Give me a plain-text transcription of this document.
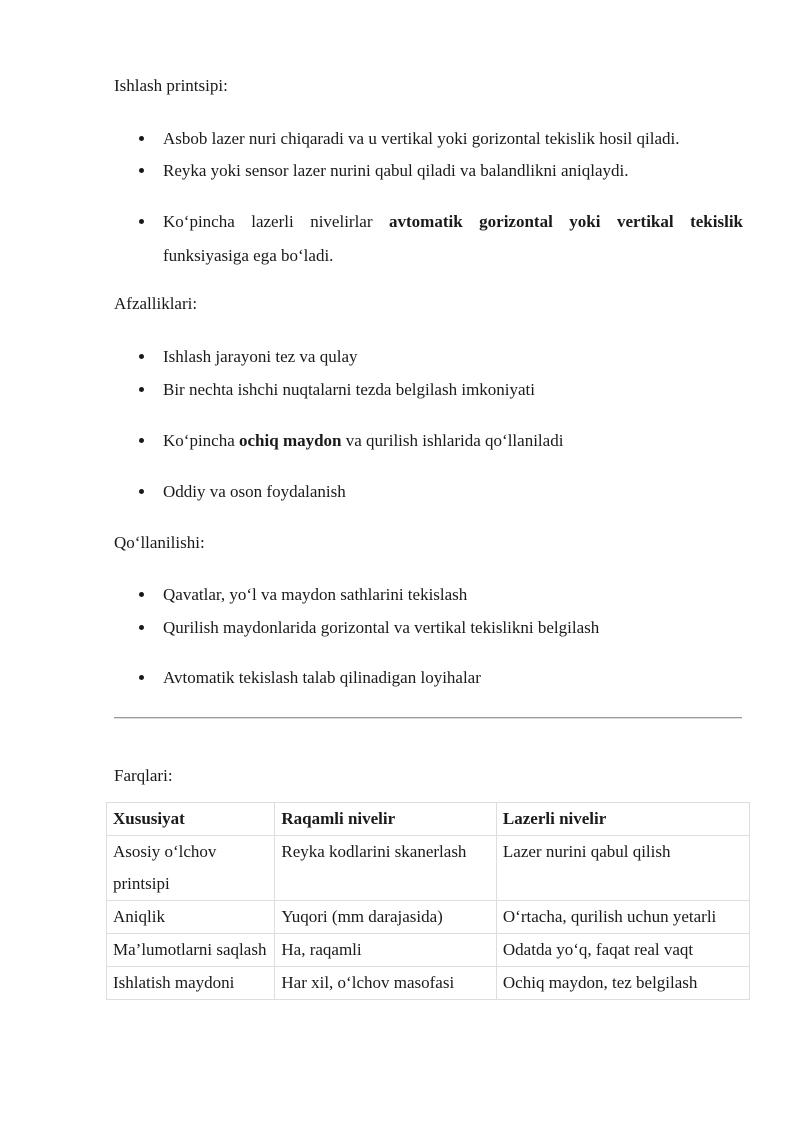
Ishlash printsipi:
Asbob lazer nuri chiqaradi va u vertikal yoki gorizontal tekislik hosil qiladi.
Reyka yoki sensor lazer nurini qabul qiladi va balandlikni aniqlaydi.
Ko‘pincha lazerli nivelirlar avtomatik gorizontal yoki vertikal tekislik funksiyasiga ega bo‘ladi.
Afzalliklari:
Ishlash jarayoni tez va qulay
Bir nechta ishchi nuqtalarni tezda belgilash imkoniyati
Ko‘pincha ochiq maydon va qurilish ishlarida qo‘llaniladi
Oddiy va oson foydalanish
Qo‘llanilishi:
Qavatlar, yo‘l va maydon sathlarini tekislash
Qurilish maydonlarida gorizontal va vertikal tekislikni belgilash
Avtomatik tekislash talab qilinadigan loyihalar
Farqlari:
Xususiyat	Raqamli nivelir	Lazerli nivelir
Asosiy o‘lchov printsipi	Reyka kodlarini skanerlash	Lazer nurini qabul qilish
Aniqlik	Yuqori (mm darajasida)	O‘rtacha, qurilish uchun yetarli
Ma’lumotlarni saqlash	Ha, raqamli	Odatda yo‘q, faqat real vaqt
Ishlatish maydoni	Har xil, o‘lchov masofasi	Ochiq maydon, tez belgilash
